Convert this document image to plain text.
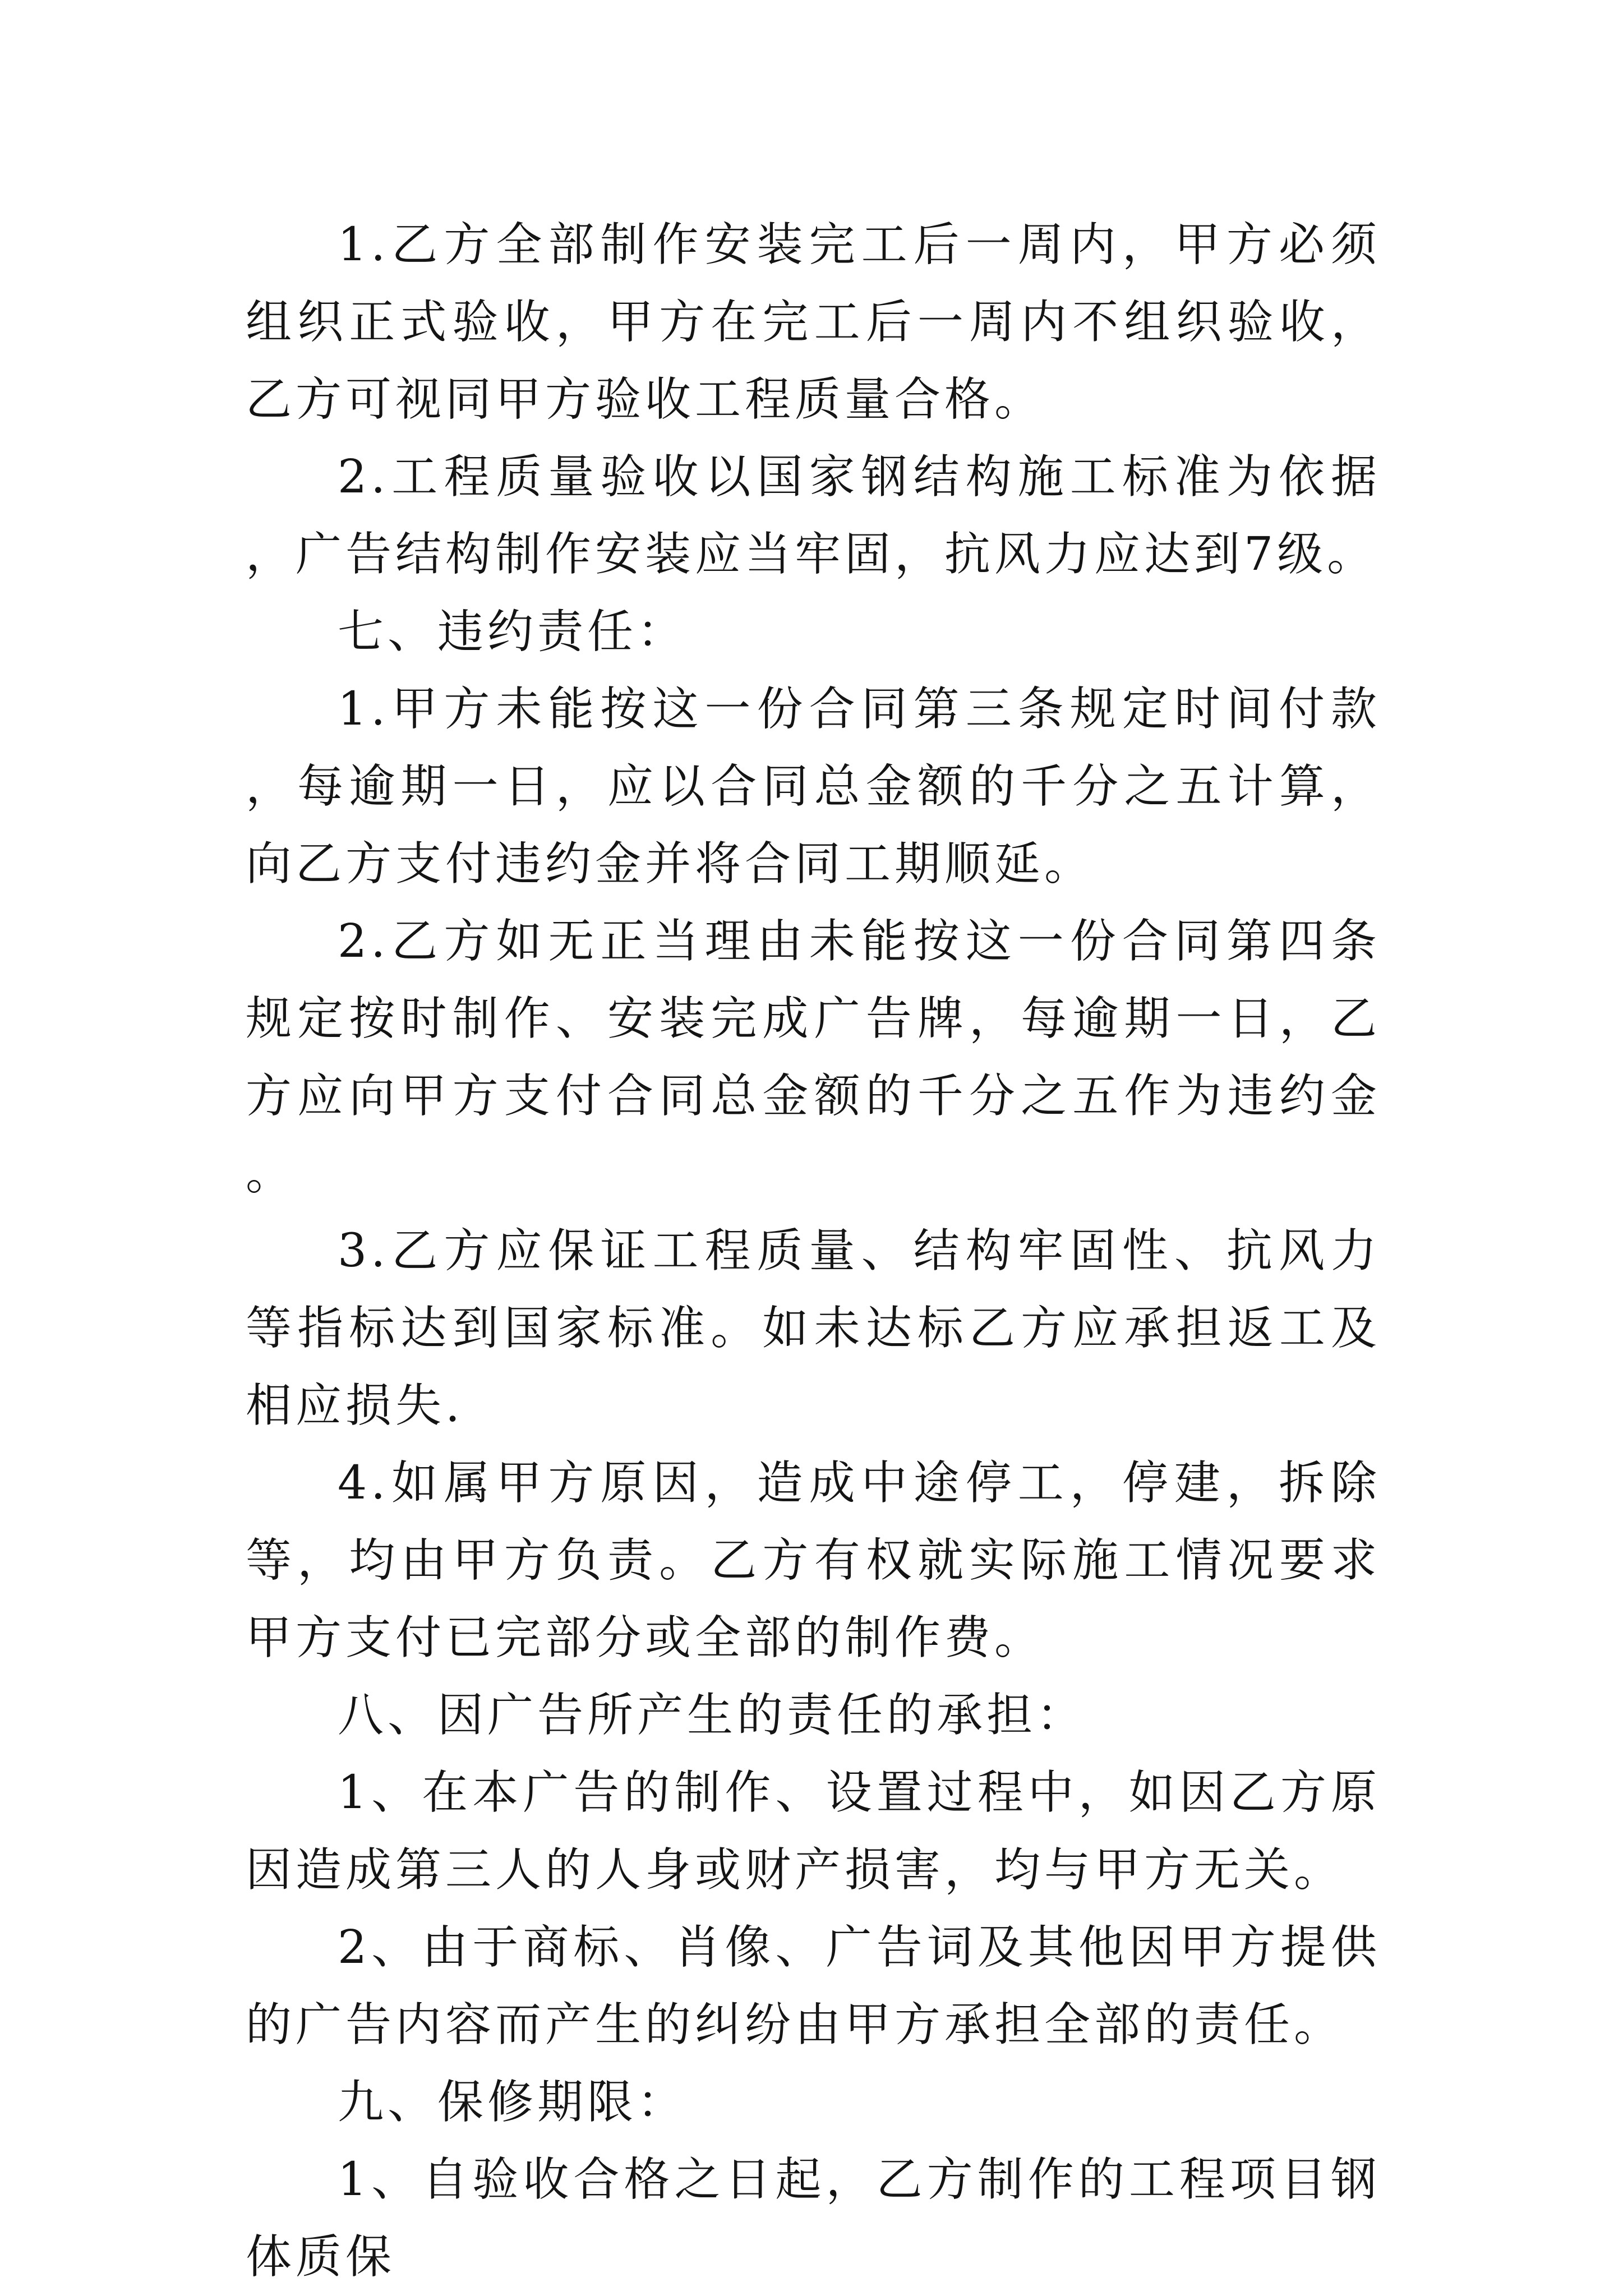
1.乙方全部制作安装完工后一周内，甲方必须组织正式验收，甲方在完工后一周内不组织验收，乙方可视同甲方验收工程质量合格。

2.工程质量验收以国家钢结构施工标准为依据，广告结构制作安装应当牢固，抗风力应达到7级。

七、违约责任：

1.甲方未能按这一份合同第三条规定时间付款，每逾期一日，应以合同总金额的千分之五计算，向乙方支付违约金并将合同工期顺延。

2.乙方如无正当理由未能按这一份合同第四条规定按时制作、安装完成广告牌，每逾期一日，乙方应向甲方支付合同总金额的千分之五作为违约金。

3.乙方应保证工程质量、结构牢固性、抗风力等指标达到国家标准。如未达标乙方应承担返工及相应损失.

4.如属甲方原因，造成中途停工，停建，拆除等，均由甲方负责。乙方有权就实际施工情况要求甲方支付已完部分或全部的制作费。

八、因广告所产生的责任的承担：

1、在本广告的制作、设置过程中，如因乙方原因造成第三人的人身或财产损害，均与甲方无关。

2、由于商标、肖像、广告词及其他因甲方提供的广告内容而产生的纠纷由甲方承担全部的责任。

九、保修期限：

1、自验收合格之日起，乙方制作的工程项目钢体质保
